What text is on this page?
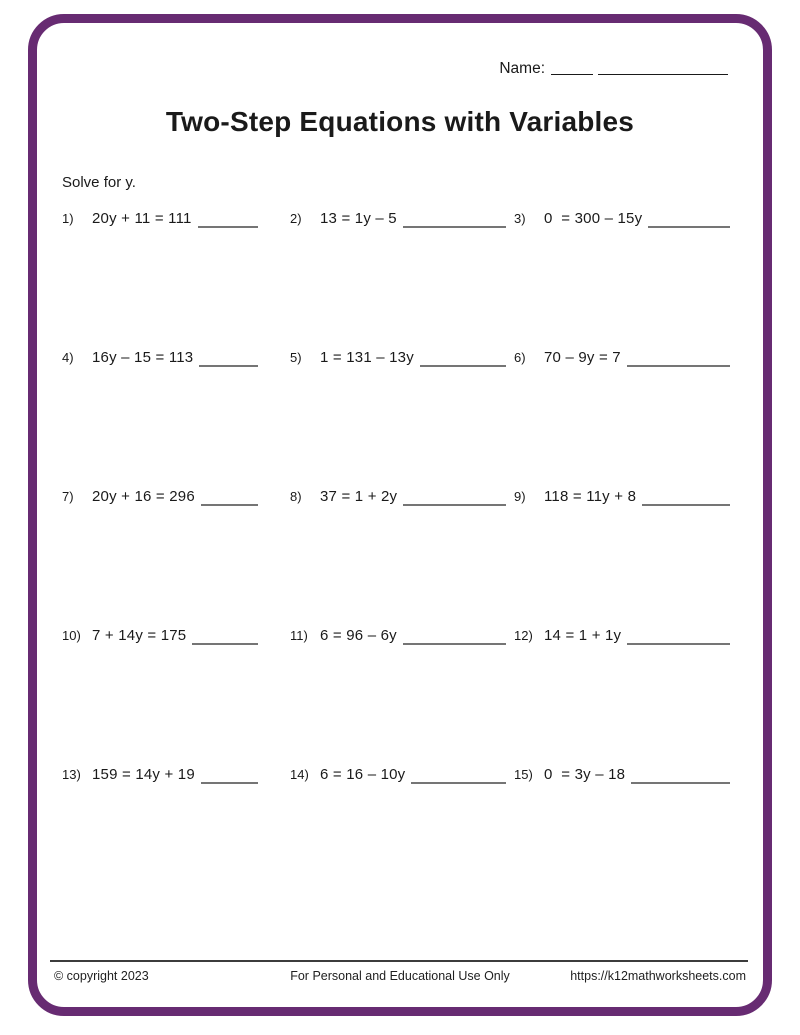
Name:
Two-Step Equations with Variables
Solve for y.
1)	20y + 11 = 111	2)	13 = 1y – 5	3)	0  = 300 – 15y
4)	16y – 15 = 113	5)	1 = 131 – 13y	6)	70 – 9y = 7
7)	20y + 16 = 296	8)	37 = 1 + 2y	9)	118 = 11y + 8
10) 7 + 14y = 175	11) 6 = 96 – 6y	12) 14 = 1 + 1y
13) 159 = 14y + 19	14) 6 = 16 – 10y	15) 0  = 3y – 18
© copyright 2023	For Personal and Educational Use Only	https://k12mathworksheets.com
